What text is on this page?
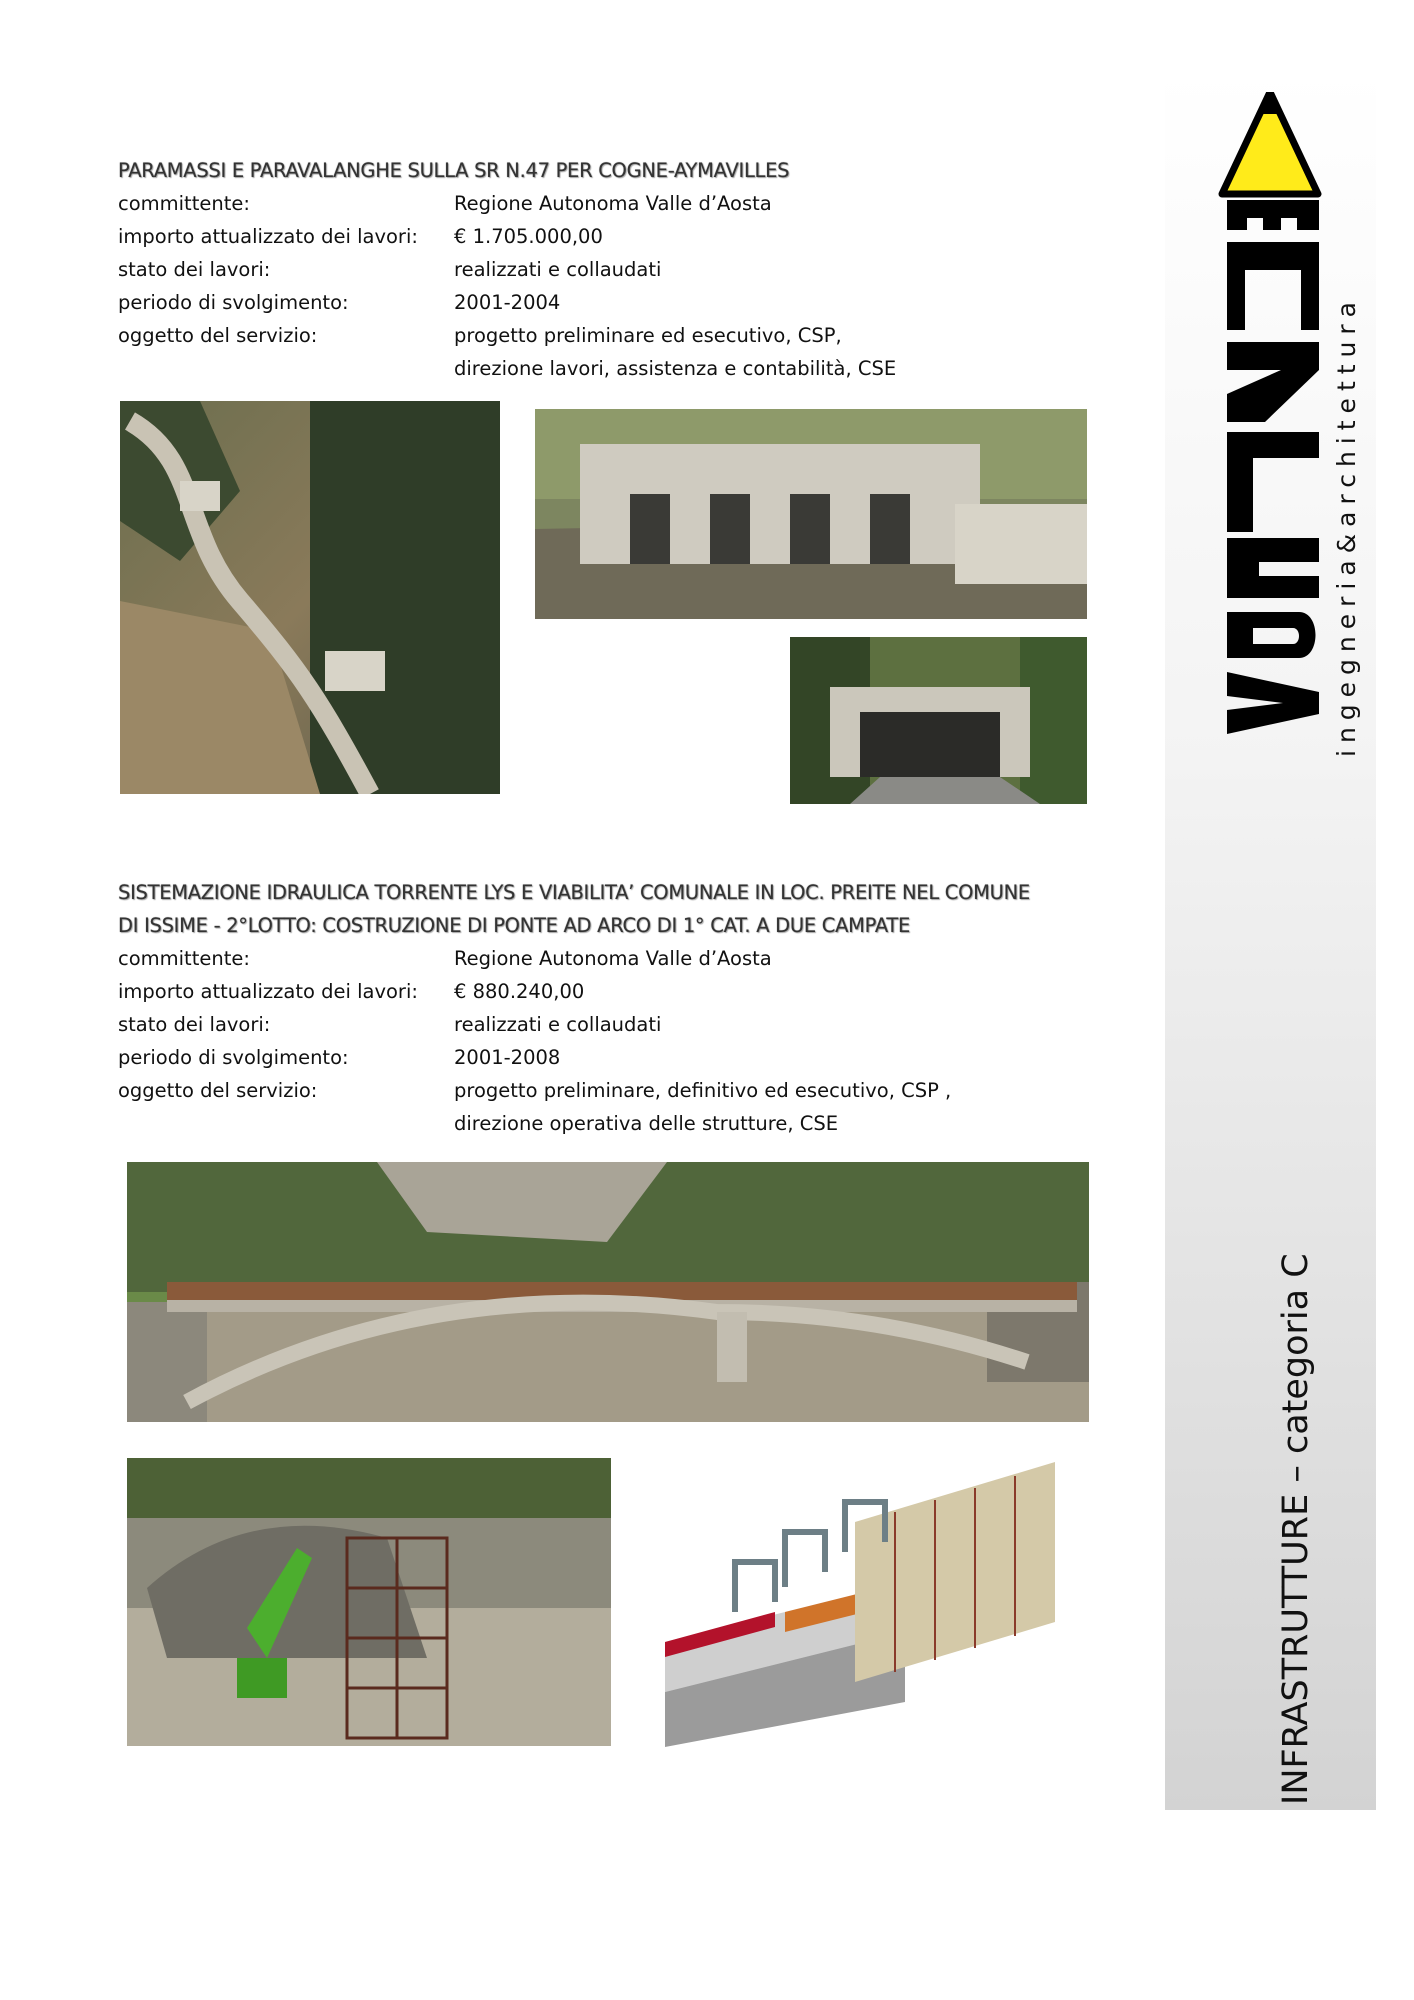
ingegneria&architettura
INFRASTRUTTURE – categoria C
PARAMASSI E PARAVALANGHE SULLA SR N.47 PER COGNE-AYMAVILLES
committente:	Regione Autonoma Valle d’Aosta
importo attualizzato dei lavori:	€ 1.705.000,00
stato dei lavori:	realizzati e collaudati
periodo di svolgimento:	2001-2004
oggetto del servizio:	progetto preliminare ed esecutivo, CSP,
direzione lavori, assistenza e contabilità, CSE
SISTEMAZIONE IDRAULICA TORRENTE LYS E VIABILITA’ COMUNALE IN LOC. PREITE NEL COMUNE
DI ISSIME - 2°LOTTO: COSTRUZIONE DI PONTE AD ARCO DI 1° CAT. A DUE CAMPATE
committente:	Regione Autonoma Valle d’Aosta
importo attualizzato dei lavori:	€ 880.240,00
stato dei lavori:	realizzati e collaudati
periodo di svolgimento:	2001-2008
oggetto del servizio:	progetto preliminare, definitivo ed esecutivo, CSP ,
direzione operativa delle strutture, CSE
